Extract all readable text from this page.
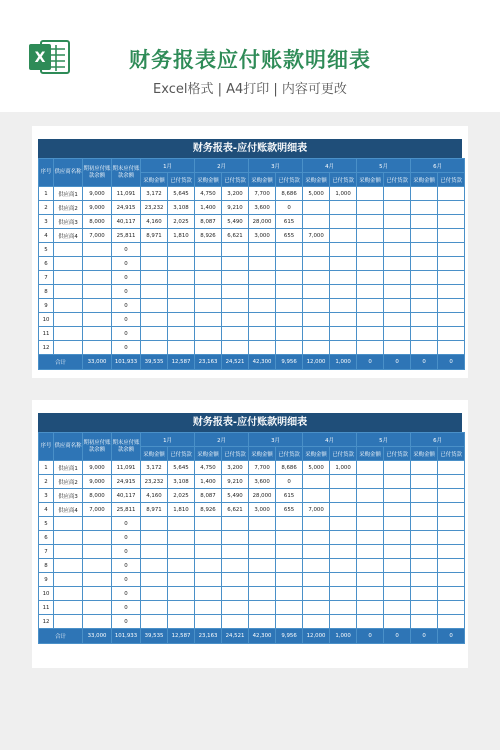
X	财务报表应付账款明细表
Excel格式 | A4打印 | 内容可更改
财务报表-应付账款明细表
序号	供应商名称	期初应付账款余额	期末应付账款余额	1月		2月		3月		4月		5月		6月	
				采购金额	已付货款	采购金额	已付货款	采购金额	已付货款	采购金额	已付货款	采购金额	已付货款	采购金额	已付货款
1	供应商1	9,000	11,091	3,172	5,645	4,750	3,200	7,700	8,686	5,000	1,000				
2	供应商2	9,000	24,915	23,232	3,108	1,400	9,210	3,600	0						
3	供应商3	8,000	40,117	4,160	2,025	8,087	5,490	28,000	615						
4	供应商4	7,000	25,811	8,971	1,810	8,926	6,621	3,000	655	7,000					
5			0												
6			0												
7			0												
8			0												
9			0												
10			0												
11			0												
12			0												
合计		33,000	101,933	39,535	12,587	23,163	24,521	42,300	9,956	12,000	1,000	0	0	0	0
财务报表-应付账款明细表
序号	供应商名称	期初应付账款余额	期末应付账款余额	1月		2月		3月		4月		5月		6月	
				采购金额	已付货款	采购金额	已付货款	采购金额	已付货款	采购金额	已付货款	采购金额	已付货款	采购金额	已付货款
1	供应商1	9,000	11,091	3,172	5,645	4,750	3,200	7,700	8,686	5,000	1,000				
2	供应商2	9,000	24,915	23,232	3,108	1,400	9,210	3,600	0						
3	供应商3	8,000	40,117	4,160	2,025	8,087	5,490	28,000	615						
4	供应商4	7,000	25,811	8,971	1,810	8,926	6,621	3,000	655	7,000					
5			0												
6			0												
7			0												
8			0												
9			0												
10			0												
11			0												
12			0												
合计		33,000	101,933	39,535	12,587	23,163	24,521	42,300	9,956	12,000	1,000	0	0	0	0
